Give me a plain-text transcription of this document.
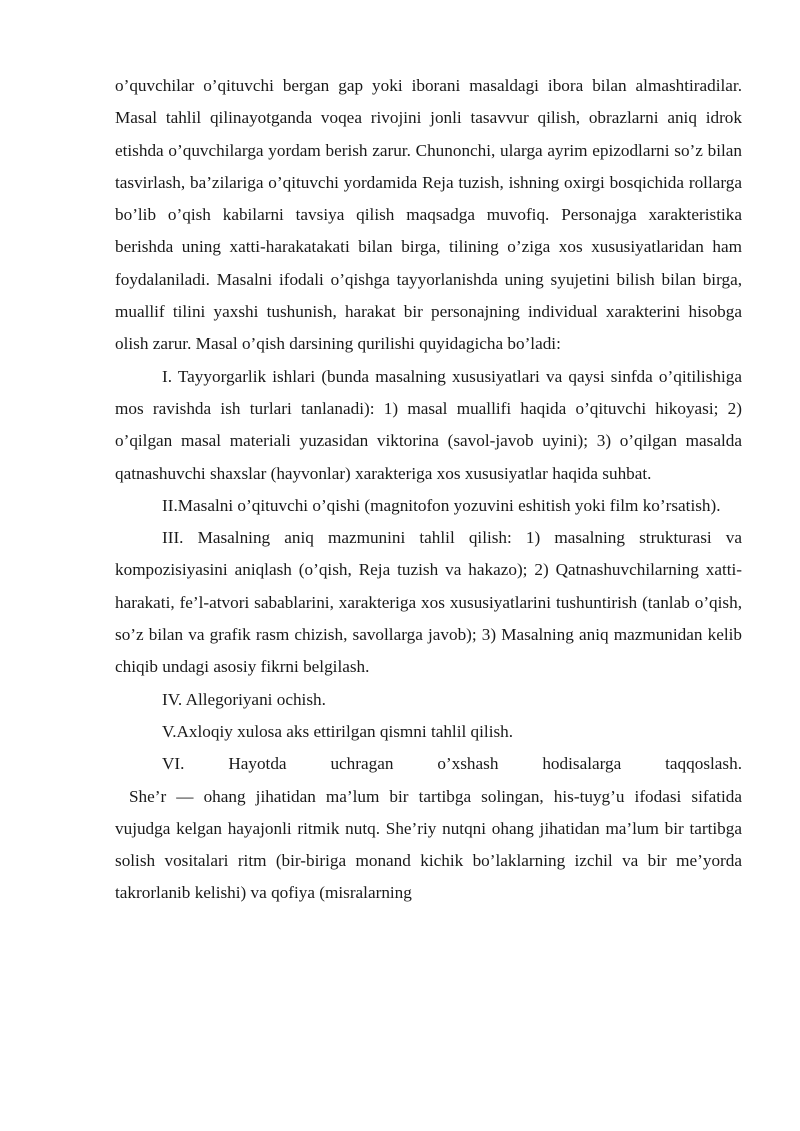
o’quvchilar o’qituvchi bergan gap yoki iborani masaldagi ibora bilan almashtiradilar. Masal tahlil qilinayotganda voqea rivojini jonli tasavvur qilish, obrazlarni aniq idrok etishda o’quvchilarga yordam berish zarur. Chunonchi, ularga ayrim epizodlarni so’z bilan tasvirlash, ba’zilariga o’qituvchi yordamida Reja tuzish, ishning oxirgi bosqichida rollarga bo’lib o’qish kabilarni tavsiya qilish maqsadga muvofiq. Personajga xarakteristika berishda uning xatti-harakatakati bilan birga, tilining o’ziga xos xususiyatlaridan ham foydalaniladi. Masalni ifodali o’qishga tayyorlanishda uning syujetini bilish bilan birga, muallif tilini yaxshi tushunish, harakat bir personajning individual xarakterini hisobga olish zarur. Masal o’qish darsining qurilishi quyidagicha bo’ladi:

I. Tayyorgarlik ishlari (bunda masalning xususiyatlari va qaysi sinfda o’qitilishiga mos ravishda ish turlari tanlanadi): 1) masal muallifi haqida o’qituvchi hikoyasi; 2) o’qilgan masal materiali yuzasidan viktorina (savol-javob uyini); 3) o’qilgan masalda qatnashuvchi shaxslar (hayvonlar) xarakteriga xos xususiyatlar haqida suhbat.

II.Masalni o’qituvchi o’qishi (magnitofon yozuvini eshitish yoki film ko’rsatish).

III. Masalning aniq mazmunini tahlil qilish: 1) masalning strukturasi va kompozisiyasini aniqlash (o’qish, Reja tuzish va hakazo); 2) Qatnashuvchilarning xatti-harakati, fe’l-atvori sabablarini, xarakteriga xos xususiyatlarini tushuntirish (tanlab o’qish, so’z bilan va grafik rasm chizish, savollarga javob); 3) Masalning aniq mazmunidan kelib chiqib undagi asosiy fikrni belgilash.

IV. Allegoriyani ochish.

V.Axloqiy xulosa aks ettirilgan qismni tahlil qilish.

VI. Hayotda uchragan o’xshash hodisalarga taqqoslash.

She’r — ohang jihatidan ma’lum bir tartibga solingan, his-tuyg’u ifodasi sifatida vujudga kelgan hayajonli ritmik nutq. She’riy nutqni ohang jihatidan ma’lum bir tartibga solish vositalari ritm (bir-biriga monand kichik bo’laklarning izchil va bir me’yorda takrorlanib kelishi) va qofiya (misralarning
